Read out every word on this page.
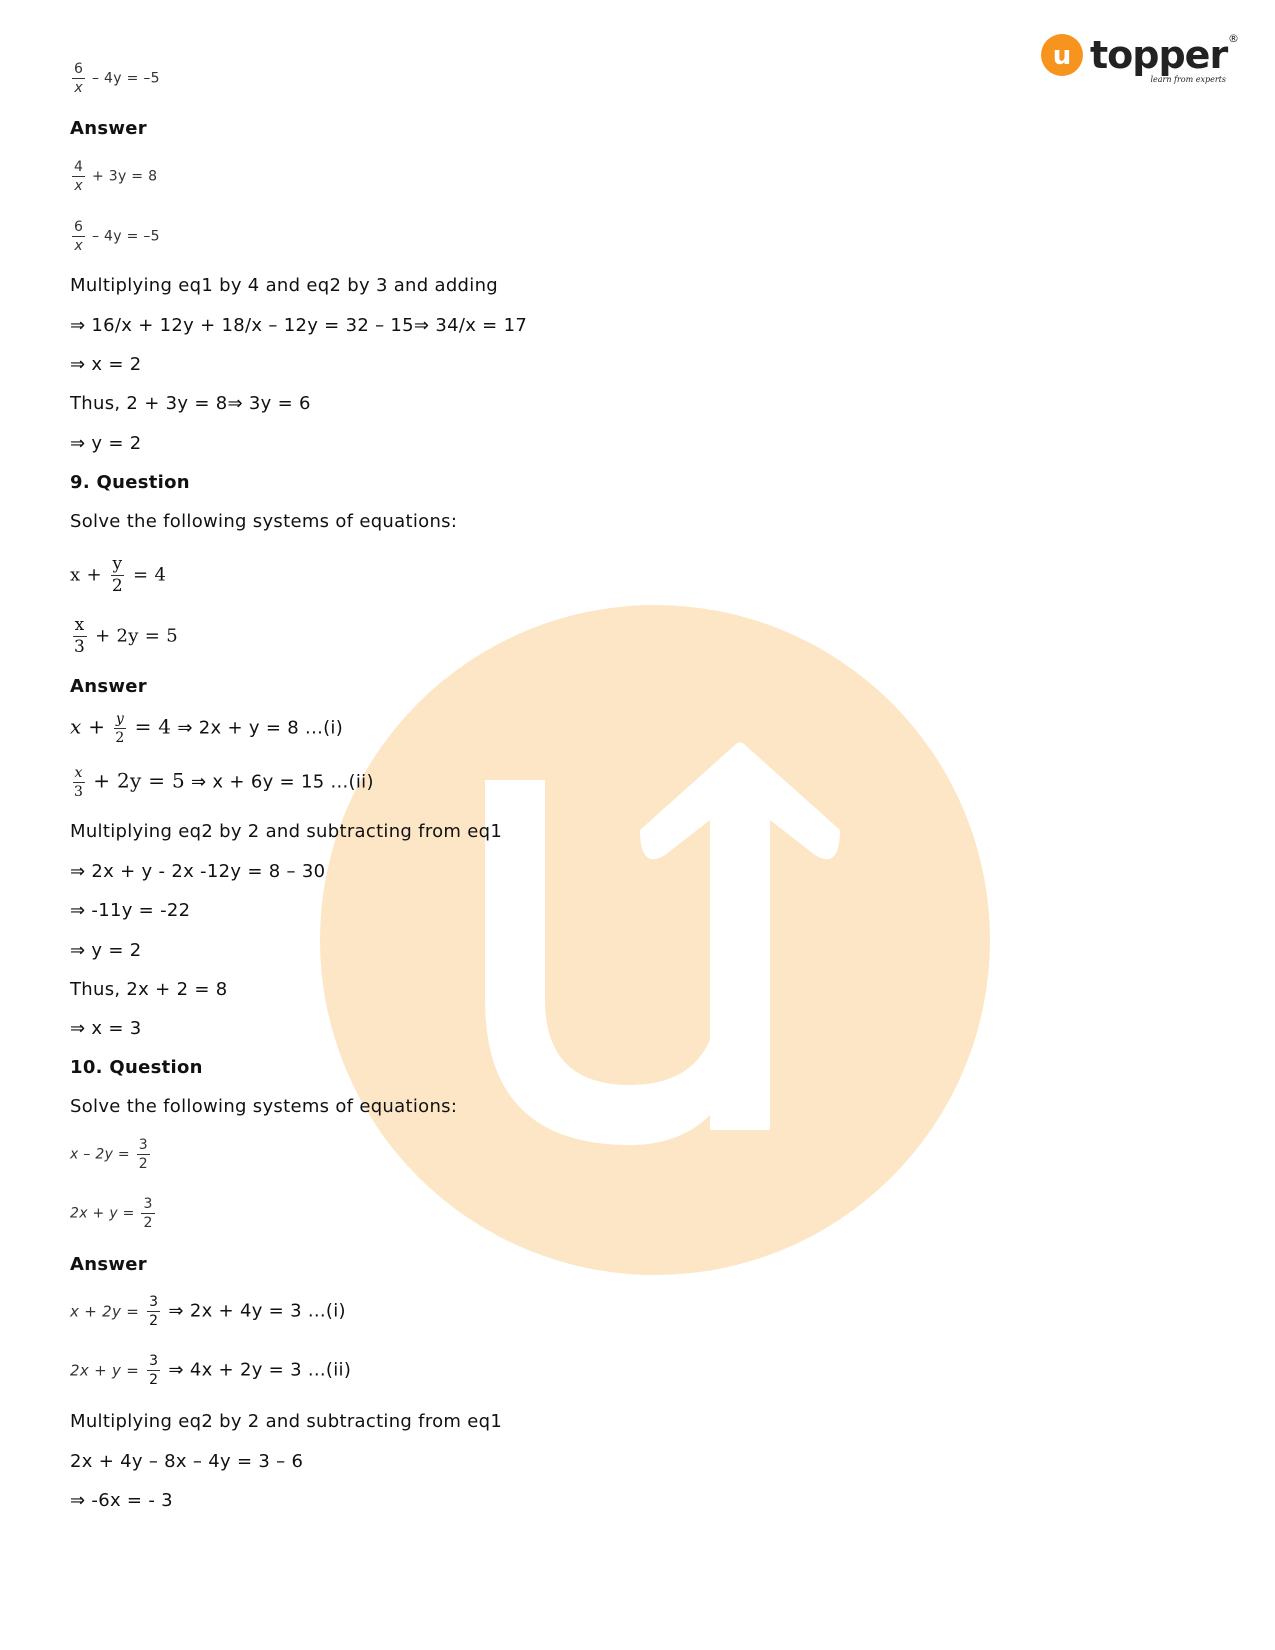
u topper ®
learn from experts
$\frac{6}{x} - 4y = -5$
Answer
$\frac{4}{x} + 3y = 8$
$\frac{6}{x} - 4y = -5$
Multiplying eq1 by 4 and eq2 by 3 and adding
⇒ 16/x + 12y + 18/x – 12y = 32 – 15⇒ 34/x = 17
⇒ x = 2
Thus, 2 + 3y = 8⇒ 3y = 6
⇒ y = 2
9. Question
Solve the following systems of equations:
$x + \frac{y}{2} = 4$
$\frac{x}{3} + 2y = 5$
Answer
$x + \frac{y}{2} = 4$ ⇒ 2x + y = 8 ...(i)
$\frac{x}{3} + 2y = 5$ ⇒ x + 6y = 15 ...(ii)
Multiplying eq2 by 2 and subtracting from eq1
⇒ 2x + y - 2x -12y = 8 – 30
⇒ -11y = -22
⇒ y = 2
Thus, 2x + 2 = 8
⇒ x = 3
10. Question
Solve the following systems of equations:
$x - 2y = \frac{3}{2}$
$2x + y = \frac{3}{2}$
Answer
$x + 2y = \frac{3}{2}$ ⇒ 2x + 4y = 3 ...(i)
$2x + y = \frac{3}{2}$ ⇒ 4x + 2y = 3 ...(ii)
Multiplying eq2 by 2 and subtracting from eq1
2x + 4y – 8x – 4y = 3 – 6
⇒ -6x = - 3
